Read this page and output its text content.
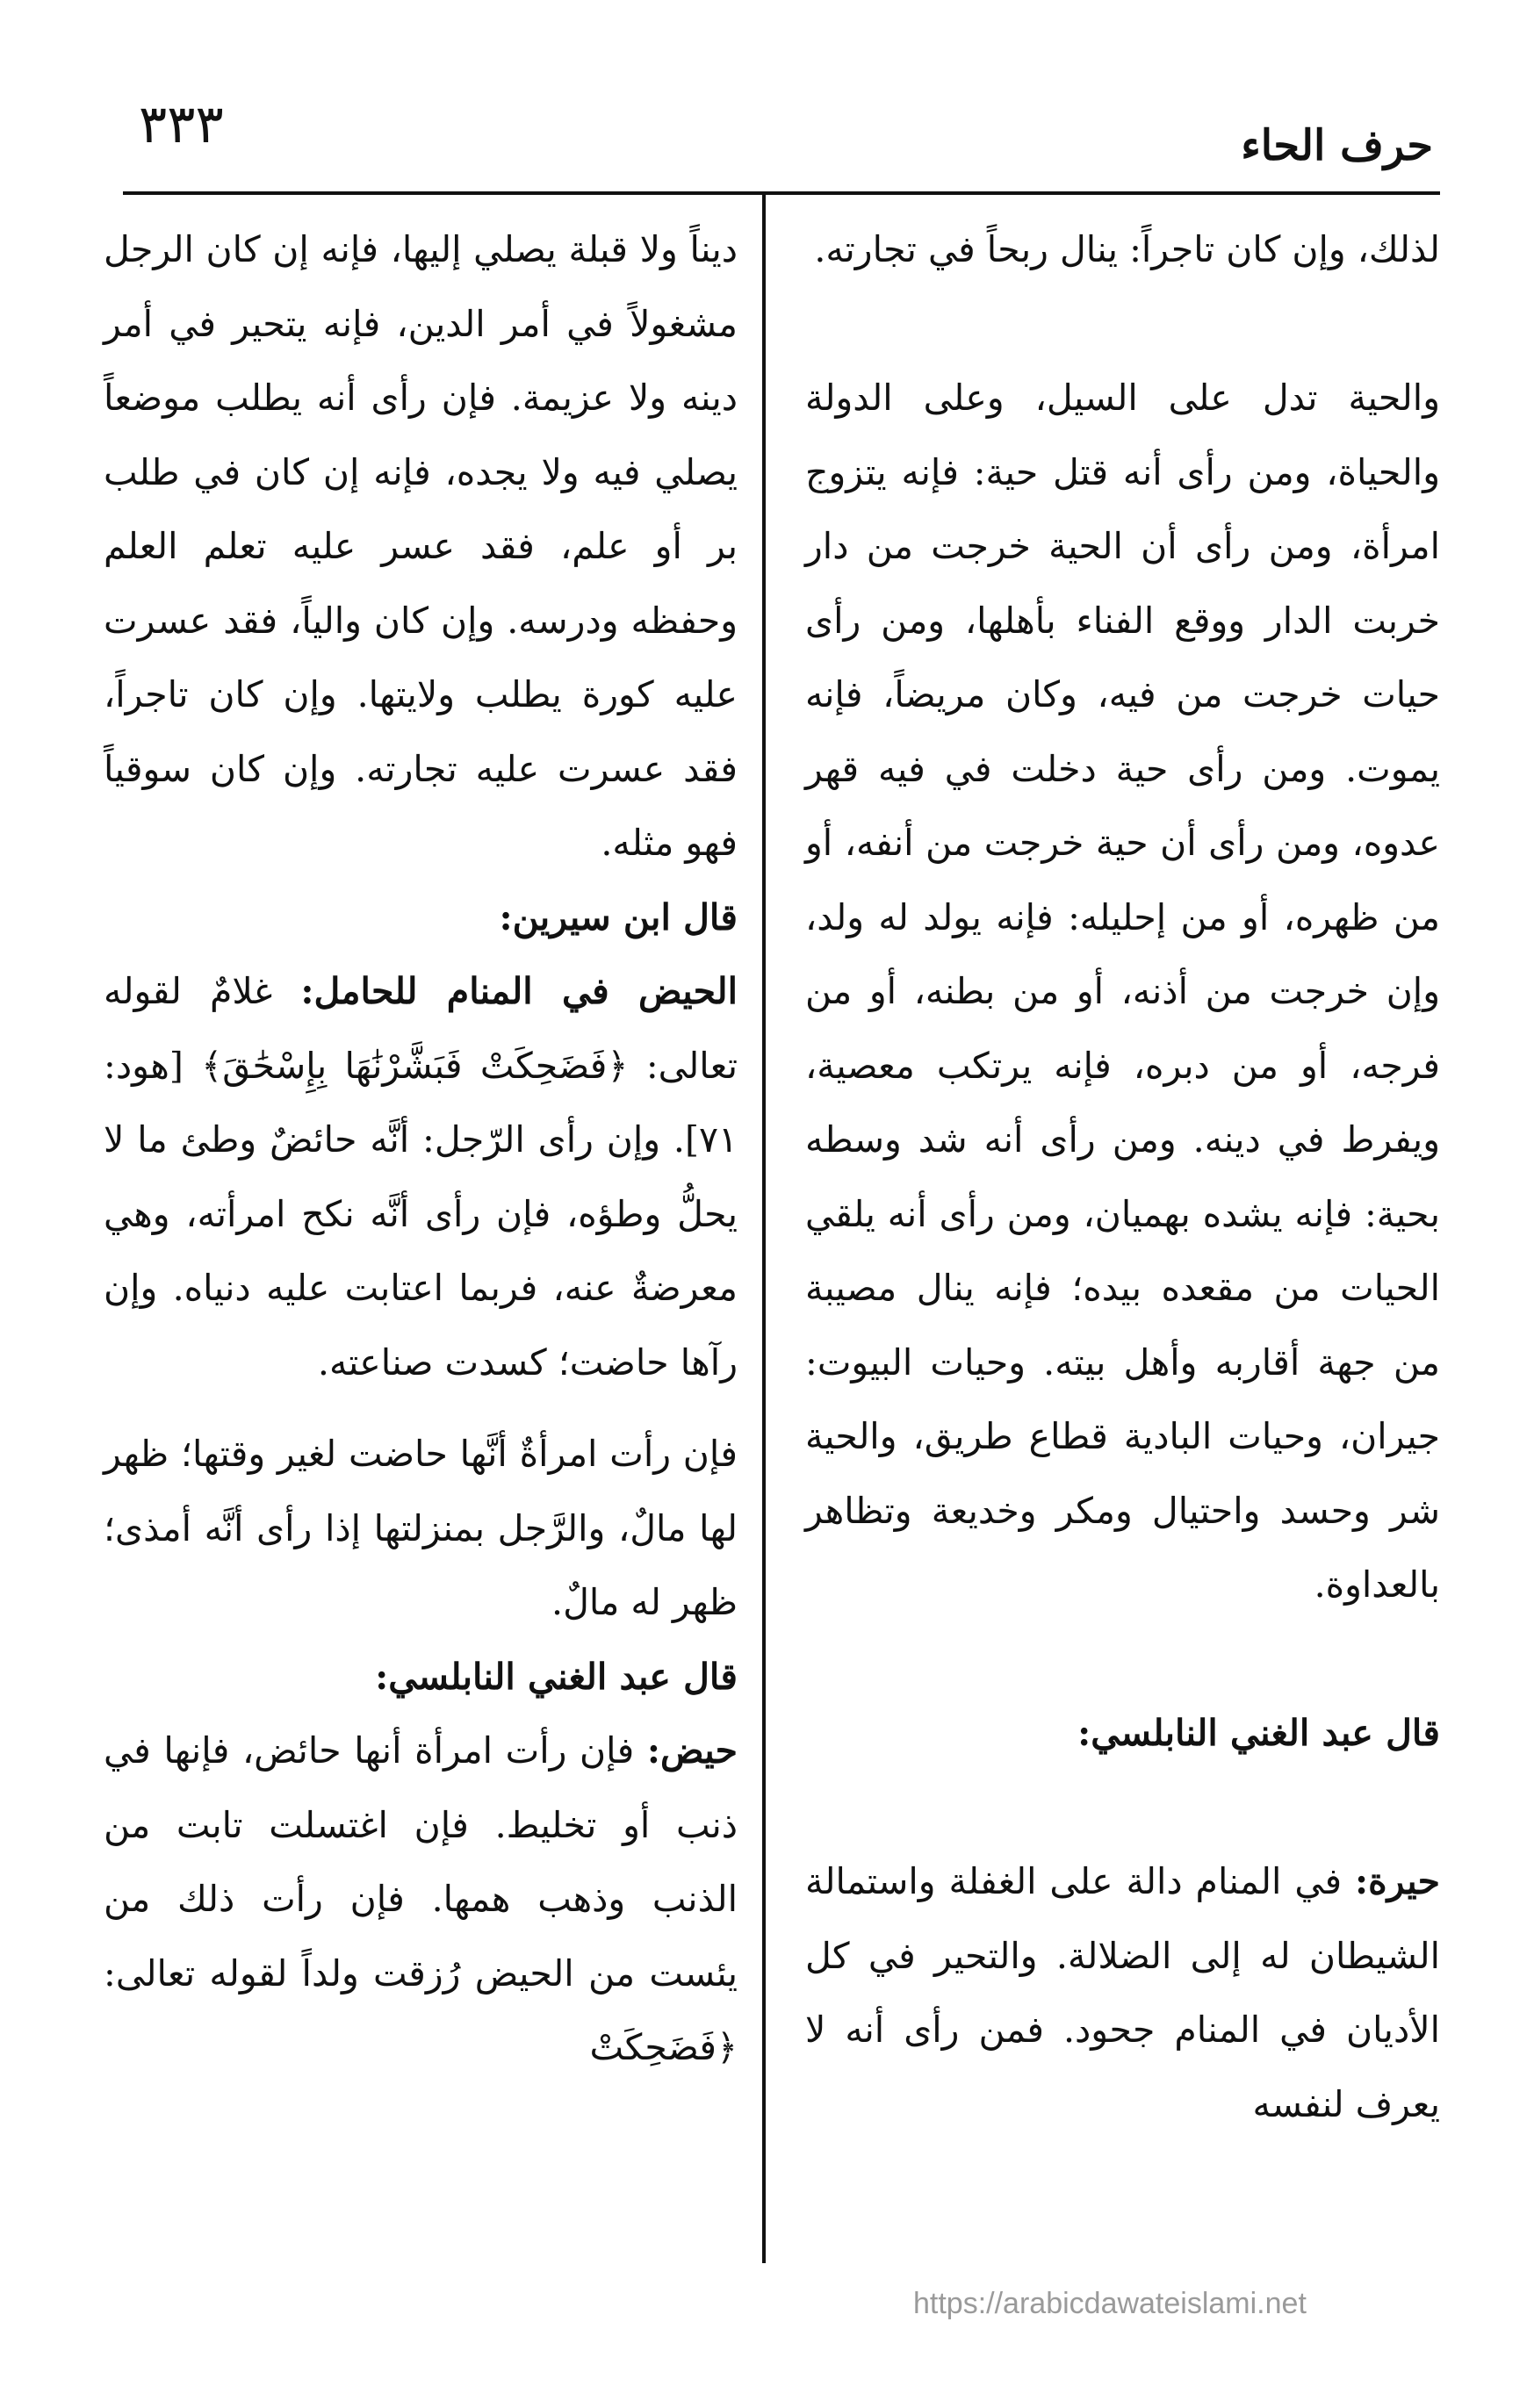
٣٣٣	حرف الحاء

لذلك، وإن كان تاجراً: ينال ربحاً في تجارته.

والحية تدل على السيل، وعلى الدولة والحياة، ومن رأى أنه قتل حية: فإنه يتزوج امرأة، ومن رأى أن الحية خرجت من دار خربت الدار ووقع الفناء بأهلها، ومن رأى حيات خرجت من فيه، وكان مريضاً، فإنه يموت. ومن رأى حية دخلت في فيه قهر عدوه، ومن رأى أن حية خرجت من أنفه، أو من ظهره، أو من إحليله: فإنه يولد له ولد، وإن خرجت من أذنه، أو من بطنه، أو من فرجه، أو من دبره، فإنه يرتكب معصية، ويفرط في دينه. ومن رأى أنه شد وسطه بحية: فإنه يشده بهميان، ومن رأى أنه يلقي الحيات من مقعده بيده؛ فإنه ينال مصيبة من جهة أقاربه وأهل بيته. وحيات البيوت: جيران، وحيات البادية قطاع طريق، والحية شر وحسد واحتيال ومكر وخديعة وتظاهر بالعداوة.

قال عبد الغني النابلسي:

حيرة: في المنام دالة على الغفلة واستمالة الشيطان له إلى الضلالة. والتحير في كل الأديان في المنام جحود. فمن رأى أنه لا يعرف لنفسه

ديناً ولا قبلة يصلي إليها، فإنه إن كان الرجل مشغولاً في أمر الدين، فإنه يتحير في أمر دينه ولا عزيمة. فإن رأى أنه يطلب موضعاً يصلي فيه ولا يجده، فإنه إن كان في طلب بر أو علم، فقد عسر عليه تعلم العلم وحفظه ودرسه. وإن كان والياً، فقد عسرت عليه كورة يطلب ولايتها. وإن كان تاجراً، فقد عسرت عليه تجارته. وإن كان سوقياً فهو مثله.

قال ابن سيرين:

الحيض في المنام للحامل: غلامٌ لقوله تعالى: ﴿فَضَحِكَتْ فَبَشَّرْنَٰهَا بِإِسْحَٰقَ﴾ [هود: ٧١]. وإن رأى الرّجل: أنَّه حائضٌ وطئ ما لا يحلُّ وطؤه، فإن رأى أنَّه نكح امرأته، وهي معرضةٌ عنه، فربما اعتابت عليه دنياه. وإن رآها حاضت؛ كسدت صناعته.

فإن رأت امرأةٌ أنَّها حاضت لغير وقتها؛ ظهر لها مالٌ، والرَّجل بمنزلتها إذا رأى أنَّه أمذى؛ ظهر له مالٌ.

قال عبد الغني النابلسي:

حيض: فإن رأت امرأة أنها حائض، فإنها في ذنب أو تخليط. فإن اغتسلت تابت من الذنب وذهب همها. فإن رأت ذلك من يئست من الحيض رُزقت ولداً لقوله تعالى: ﴿فَضَحِكَتْ

https://arabicdawateislami.net
